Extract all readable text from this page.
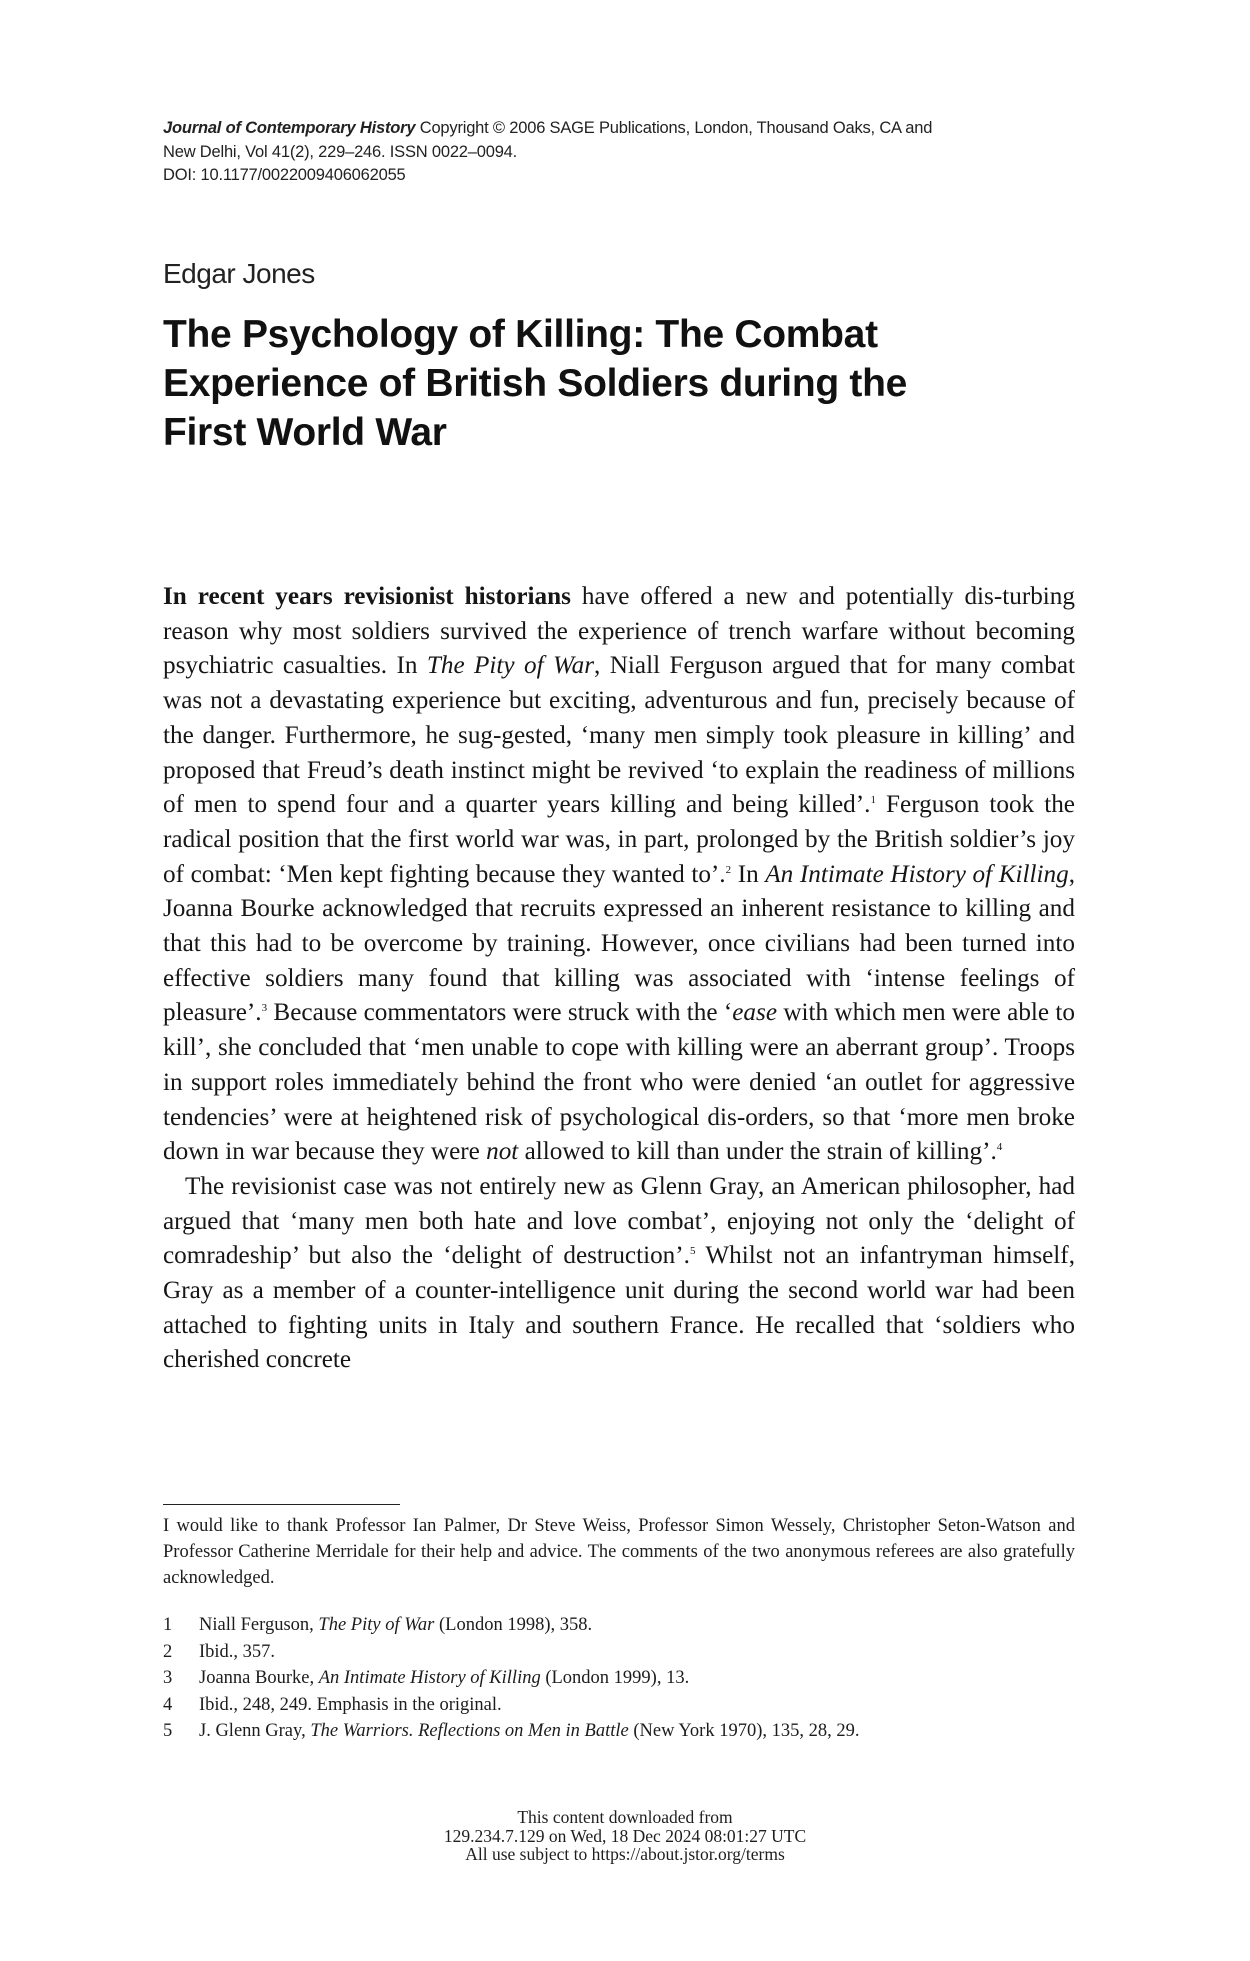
Journal of Contemporary History Copyright © 2006 SAGE Publications, London, Thousand Oaks, CA and
New Delhi, Vol 41(2), 229–246. ISSN 0022–0094.
DOI: 10.1177/0022009406062055
Edgar Jones
The Psychology of Killing: The Combat
Experience of British Soldiers during the
First World War

In recent years revisionist historians have offered a new and potentially dis-turbing reason why most soldiers survived the experience of trench warfare without becoming psychiatric casualties. In The Pity of War, Niall Ferguson argued that for many combat was not a devastating experience but exciting, adventurous and fun, precisely because of the danger. Furthermore, he sug-gested, ‘many men simply took pleasure in killing’ and proposed that Freud’s death instinct might be revived ‘to explain the readiness of millions of men to spend four and a quarter years killing and being killed’.$^1$ Ferguson took the radical position that the first world war was, in part, prolonged by the British soldier’s joy of combat: ‘Men kept fighting because they wanted to’.$^2$ In An Intimate History of Killing, Joanna Bourke acknowledged that recruits expressed an inherent resistance to killing and that this had to be overcome by training. However, once civilians had been turned into effective soldiers many found that killing was associated with ‘intense feelings of pleasure’.$^3$ Because commentators were struck with the ‘ease with which men were able to kill’, she concluded that ‘men unable to cope with killing were an aberrant group’. Troops in support roles immediately behind the front who were denied ‘an outlet for aggressive tendencies’ were at heightened risk of psychological dis-orders, so that ‘more men broke down in war because they were not allowed to kill than under the strain of killing’.$^4$

The revisionist case was not entirely new as Glenn Gray, an American philosopher, had argued that ‘many men both hate and love combat’, enjoying not only the ‘delight of comradeship’ but also the ‘delight of destruction’.$^5$ Whilst not an infantryman himself, Gray as a member of a counter-intelligence unit during the second world war had been attached to fighting units in Italy and southern France. He recalled that ‘soldiers who cherished concrete

I would like to thank Professor Ian Palmer, Dr Steve Weiss, Professor Simon Wessely, Christopher Seton-Watson and Professor Catherine Merridale for their help and advice. The comments of the two anonymous referees are also gratefully acknowledged.
1	Niall Ferguson, The Pity of War (London 1998), 358.
2	Ibid., 357.
3	Joanna Bourke, An Intimate History of Killing (London 1999), 13.
4	Ibid., 248, 249. Emphasis in the original.
5	J. Glenn Gray, The Warriors. Reflections on Men in Battle (New York 1970), 135, 28, 29.
This content downloaded from
129.234.7.129 on Wed, 18 Dec 2024 08:01:27 UTC
All use subject to https://about.jstor.org/terms
